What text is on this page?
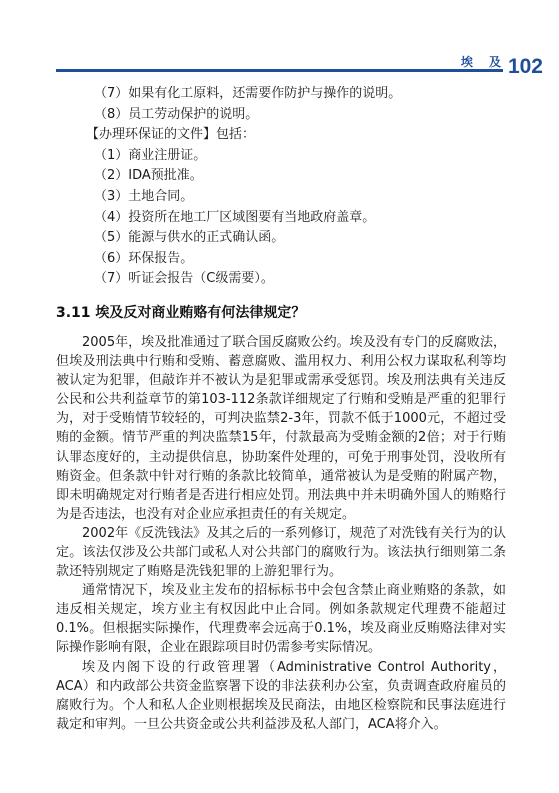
埃 及 102
（7）如果有化工原料，还需要作防护与操作的说明。
（8）员工劳动保护的说明。
【办理环保证的文件】包括：
（1）商业注册证。
（2）IDA预批准。
（3）土地合同。
（4）投资所在地工厂区域图要有当地政府盖章。
（5）能源与供水的正式确认函。
（6）环保报告。
（7）听证会报告（C级需要）。
3.11 埃及反对商业贿赂有何法律规定？

2005年，埃及批准通过了联合国反腐败公约。埃及没有专门的反腐败法，但埃及刑法典中行贿和受贿、蓄意腐败、滥用权力、利用公权力谋取私利等均被认定为犯罪，但敲诈并不被认为是犯罪或需承受惩罚。埃及刑法典有关违反公民和公共利益章节的第103-112条款详细规定了行贿和受贿是严重的犯罪行为，对于受贿情节较轻的，可判决监禁2-3年，罚款不低于1000元，不超过受贿的金额。情节严重的判决监禁15年，付款最高为受贿金额的2倍；对于行贿认罪态度好的，主动提供信息，协助案件处理的，可免于刑事处罚，没收所有贿资金。但条款中针对行贿的条款比较简单，通常被认为是受贿的附属产物，即未明确规定对行贿者是否进行相应处罚。刑法典中并未明确外国人的贿赂行为是否违法，也没有对企业应承担责任的有关规定。

2002年《反洗钱法》及其之后的一系列修订，规范了对洗钱有关行为的认定。该法仅涉及公共部门或私人对公共部门的腐败行为。该法执行细则第二条款还特别规定了贿赂是洗钱犯罪的上游犯罪行为。

通常情况下，埃及业主发布的招标标书中会包含禁止商业贿赂的条款，如违反相关规定，埃方业主有权因此中止合同。例如条款规定代理费不能超过0.1%。但根据实际操作，代理费率会远高于0.1%，埃及商业反贿赂法律对实际操作影响有限，企业在跟踪项目时仍需参考实际情况。

埃及内阁下设的行政管理署（Administrative Control Authority，ACA）和内政部公共资金监察署下设的非法获利办公室，负责调查政府雇员的腐败行为。个人和私人企业则根据埃及民商法，由地区检察院和民事法庭进行裁定和审判。一旦公共资金或公共利益涉及私人部门，ACA将介入。
